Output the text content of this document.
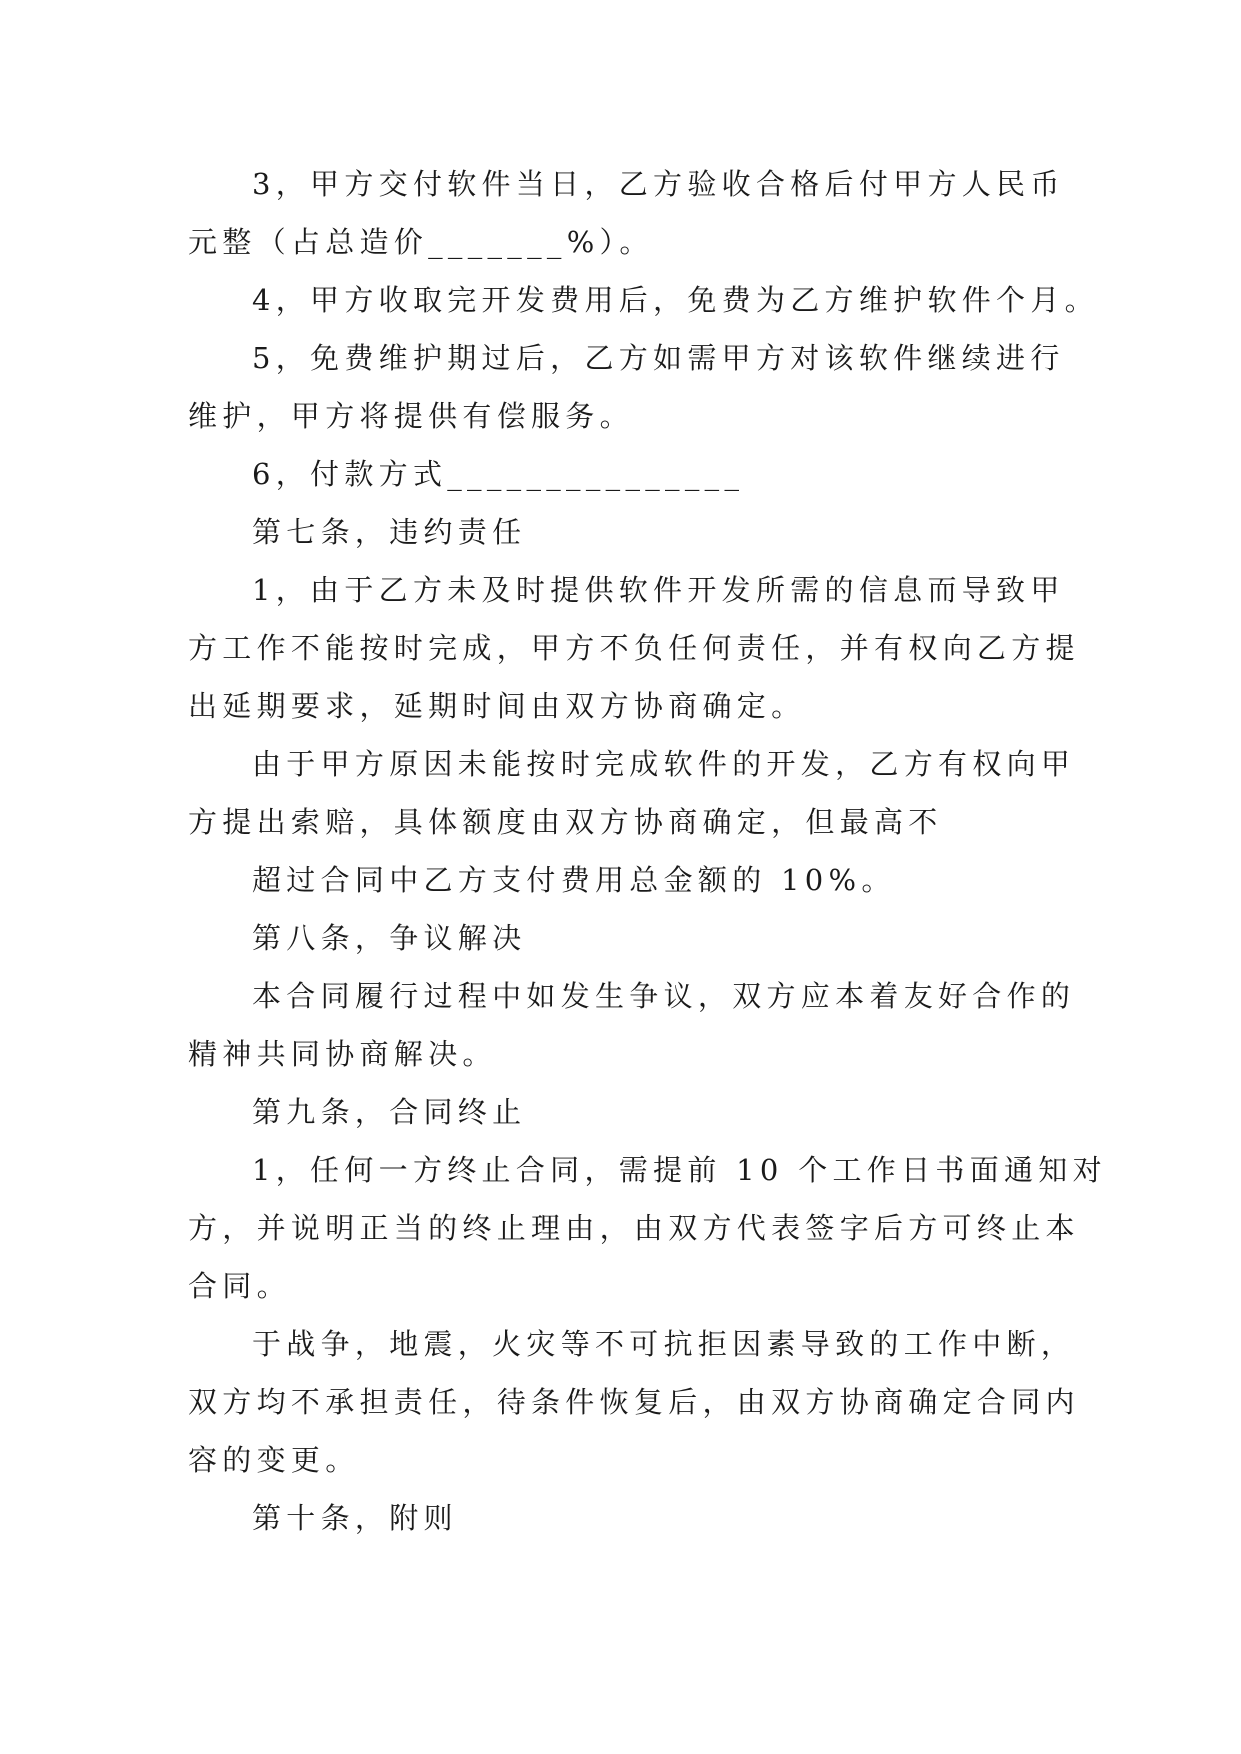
3，甲方交付软件当日，乙方验收合格后付甲方人民币

元整（占总造价_______%）。

4，甲方收取完开发费用后，免费为乙方维护软件个月。

5，免费维护期过后，乙方如需甲方对该软件继续进行

维护，甲方将提供有偿服务。

6，付款方式_______________

第七条，违约责任

1，由于乙方未及时提供软件开发所需的信息而导致甲

方工作不能按时完成，甲方不负任何责任，并有权向乙方提

出延期要求，延期时间由双方协商确定。

由于甲方原因未能按时完成软件的开发，乙方有权向甲

方提出索赔，具体额度由双方协商确定，但最高不

超过合同中乙方支付费用总金额的 10%。

第八条，争议解决

本合同履行过程中如发生争议，双方应本着友好合作的

精神共同协商解决。

第九条，合同终止

1，任何一方终止合同，需提前 10 个工作日书面通知对

方，并说明正当的终止理由，由双方代表签字后方可终止本

合同。

于战争，地震，火灾等不可抗拒因素导致的工作中断，

双方均不承担责任，待条件恢复后，由双方协商确定合同内

容的变更。

第十条，附则
